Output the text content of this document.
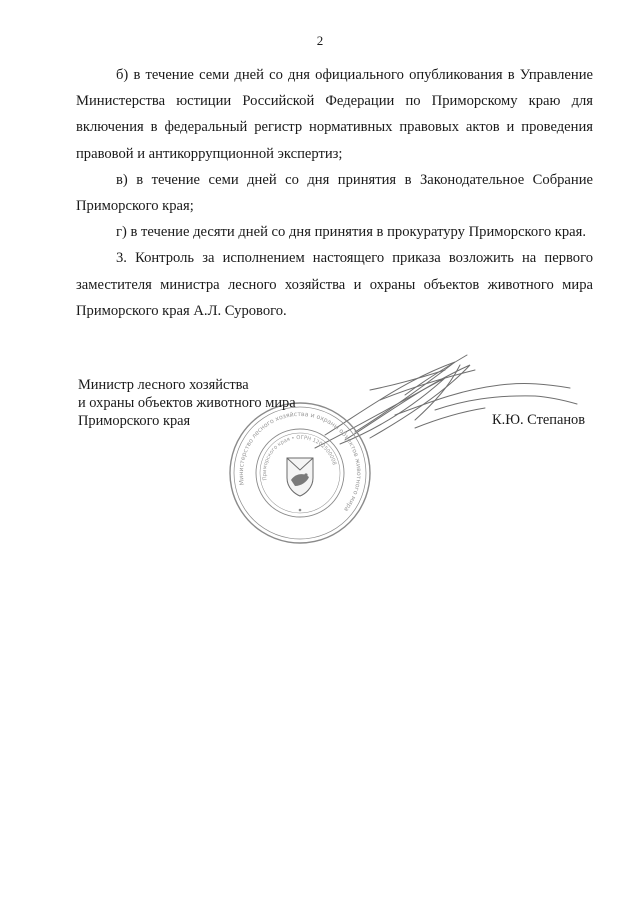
2

б) в течение семи дней со дня официального опубликования в Управление Министерства юстиции Российской Федерации по Приморскому краю для включения в федеральный регистр нормативных правовых актов и проведения правовой и антикоррупционной экспертиз;

в) в течение семи дней со дня принятия в Законодательное Собрание Приморского края;

г) в течение десяти дней со дня принятия в прокуратуру Приморского края.

3. Контроль за исполнением настоящего приказа возложить на первого заместителя министра лесного хозяйства и охраны объектов животного мира Приморского края А.Л. Сурового.

Министерство лесного хозяйства и охраны объектов животного мира
Приморского края • ОГРН 1202500008
Министр лесного хозяйства
и охраны объектов животного мира
Приморского края	К.Ю. Степанов
